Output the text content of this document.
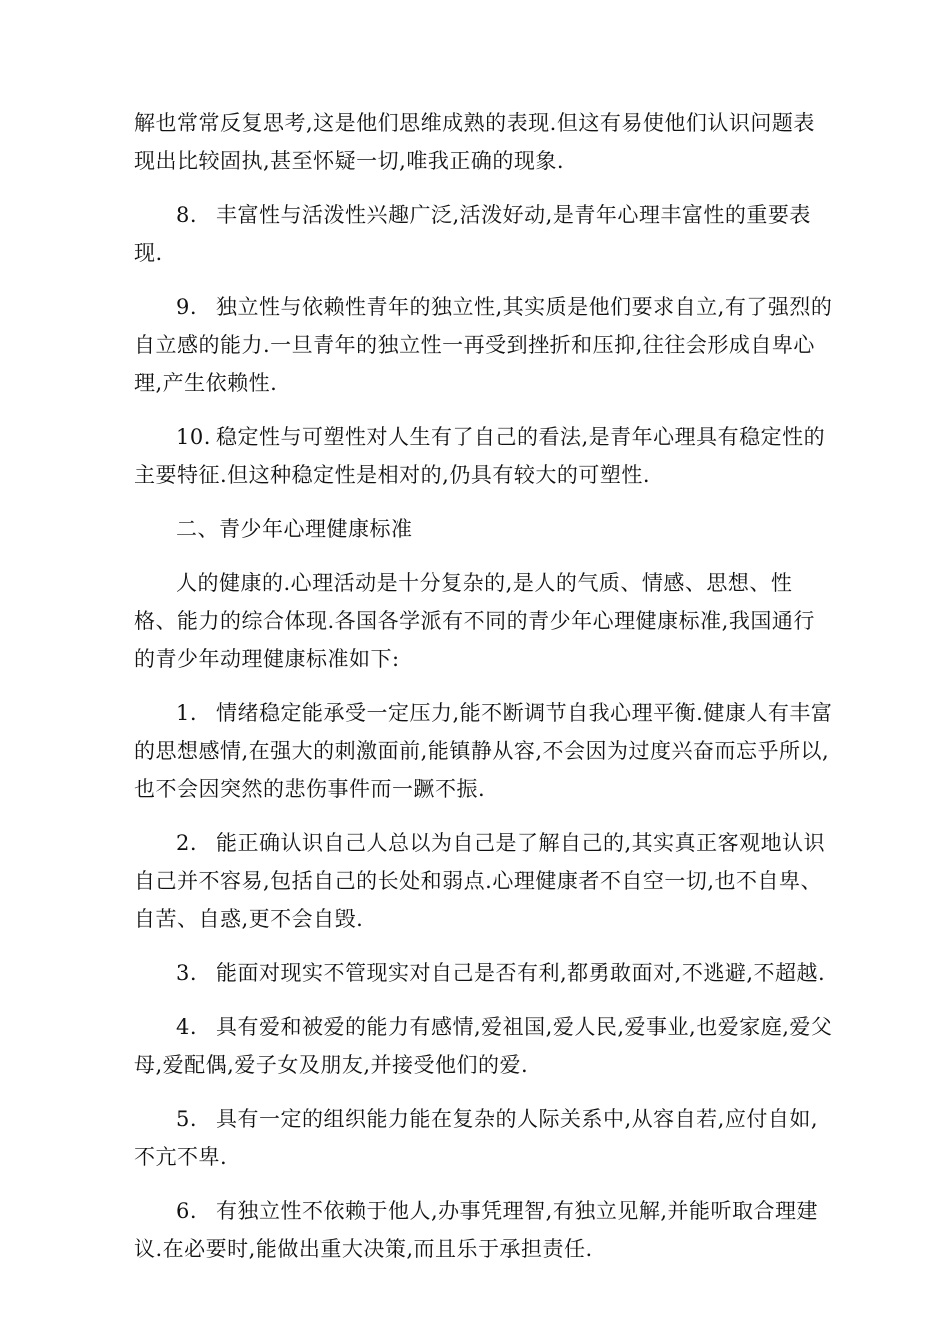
解也常常反复思考,这是他们思维成熟的表现.但这有易使他们认识问题表现出比较固执,甚至怀疑一切,唯我正确的现象.

8. 丰富性与活泼性兴趣广泛,活泼好动,是青年心理丰富性的重要表现.

9. 独立性与依赖性青年的独立性,其实质是他们要求自立,有了强烈的自立感的能力.一旦青年的独立性一再受到挫折和压抑,往往会形成自卑心理,产生依赖性.

10. 稳定性与可塑性对人生有了自己的看法,是青年心理具有稳定性的主要特征.但这种稳定性是相对的,仍具有较大的可塑性.

二、青少年心理健康标准

人的健康的.心理活动是十分复杂的,是人的气质、情感、思想、性格、能力的综合体现.各国各学派有不同的青少年心理健康标准,我国通行的青少年动理健康标准如下:

1. 情绪稳定能承受一定压力,能不断调节自我心理平衡.健康人有丰富的思想感情,在强大的刺激面前,能镇静从容,不会因为过度兴奋而忘乎所以,也不会因突然的悲伤事件而一蹶不振.

2. 能正确认识自己人总以为自己是了解自己的,其实真正客观地认识自己并不容易,包括自己的长处和弱点.心理健康者不自空一切,也不自卑、自苦、自惑,更不会自毁.

3. 能面对现实不管现实对自己是否有利,都勇敢面对,不逃避,不超越.

4. 具有爱和被爱的能力有感情,爱祖国,爱人民,爱事业,也爱家庭,爱父母,爱配偶,爱子女及朋友,并接受他们的爱.

5. 具有一定的组织能力能在复杂的人际关系中,从容自若,应付自如,不亢不卑.

6. 有独立性不依赖于他人,办事凭理智,有独立见解,并能听取合理建议.在必要时,能做出重大决策,而且乐于承担责任.
